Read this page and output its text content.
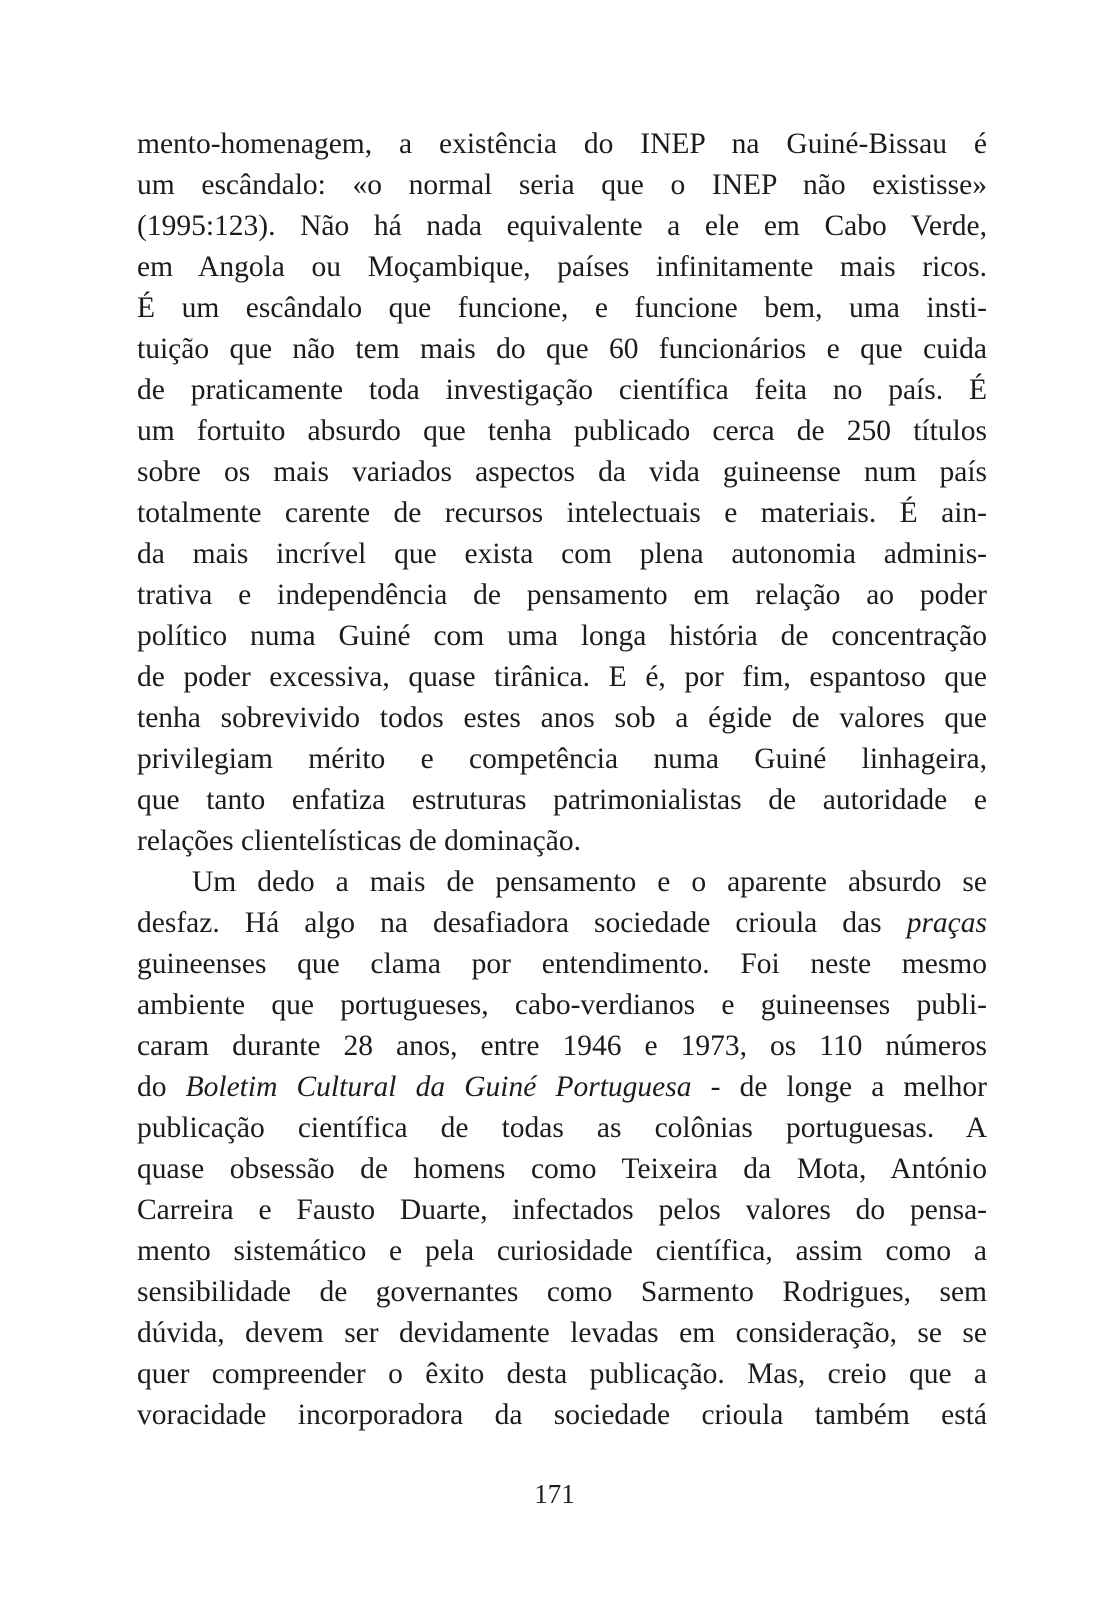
mento-homenagem, a existência do INEP na Guiné-Bissau é
um escândalo: «o normal seria que o INEP não existisse»
(1995:123). Não há nada equivalente a ele em Cabo Verde,
em Angola ou Moçambique, países infinitamente mais ricos.
É um escândalo que funcione, e funcione bem, uma insti-
tuição que não tem mais do que 60 funcionários e que cuida
de praticamente toda investigação científica feita no país. É
um fortuito absurdo que tenha publicado cerca de 250 títulos
sobre os mais variados aspectos da vida guineense num país
totalmente carente de recursos intelectuais e materiais. É ain-
da mais incrível que exista com plena autonomia adminis-
trativa e independência de pensamento em relação ao poder
político numa Guiné com uma longa história de concentração
de poder excessiva, quase tirânica. E é, por fim, espantoso que
tenha sobrevivido todos estes anos sob a égide de valores que
privilegiam mérito e competência numa Guiné linhageira,
que tanto enfatiza estruturas patrimonialistas de autoridade e
relações clientelísticas de dominação.
Um dedo a mais de pensamento e o aparente absurdo se
desfaz. Há algo na desafiadora sociedade crioula das praças
guineenses que clama por entendimento. Foi neste mesmo
ambiente que portugueses, cabo-verdianos e guineenses publi-
caram durante 28 anos, entre 1946 e 1973, os 110 números
do Boletim Cultural da Guiné Portuguesa - de longe a melhor
publicação científica de todas as colônias portuguesas. A
quase obsessão de homens como Teixeira da Mota, António
Carreira e Fausto Duarte, infectados pelos valores do pensa-
mento sistemático e pela curiosidade científica, assim como a
sensibilidade de governantes como Sarmento Rodrigues, sem
dúvida, devem ser devidamente levadas em consideração, se se
quer compreender o êxito desta publicação. Mas, creio que a
voracidade incorporadora da sociedade crioula também está
171
